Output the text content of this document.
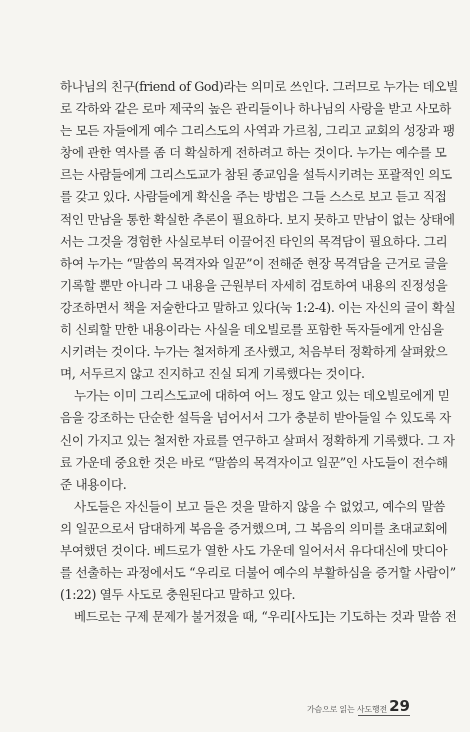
하나님의 친구(friend of God)라는 의미로 쓰인다. 그러므로 누가는 데오빌
로 각하와 같은 로마 제국의 높은 관리들이나 하나님의 사랑을 받고 사모하
는 모든 자들에게 예수 그리스도의 사역과 가르침, 그리고 교회의 성장과 팽
창에 관한 역사를 좀 더 확실하게 전하려고 하는 것이다. 누가는 예수를 모
르는 사람들에게 그리스도교가 참된 종교임을 설득시키려는 포괄적인 의도
를 갖고 있다. 사람들에게 확신을 주는 방법은 그들 스스로 보고 듣고 직접
적인 만남을 통한 확실한 추론이 필요하다. 보지 못하고 만남이 없는 상태에
서는 그것을 경험한 사실로부터 이끌어진 타인의 목격담이 필요하다. 그리
하여 누가는 “말씀의 목격자와 일꾼”이 전해준 현장 목격담을 근거로 글을
기록할 뿐만 아니라 그 내용을 근원부터 자세히 검토하여 내용의 진정성을
강조하면서 책을 저술한다고 말하고 있다(눅 1:2-4). 이는 자신의 글이 확실
히 신뢰할 만한 내용이라는 사실을 데오빌로를 포함한 독자들에게 안심을
시키려는 것이다. 누가는 철저하게 조사했고, 처음부터 정확하게 살펴왔으
며, 서두르지 않고 진지하고 진실 되게 기록했다는 것이다.

누가는 이미 그리스도교에 대하여 어느 정도 알고 있는 데오빌로에게 믿
음을 강조하는 단순한 설득을 넘어서서 그가 충분히 받아들일 수 있도록 자
신이 가지고 있는 철저한 자료를 연구하고 살펴서 정확하게 기록했다. 그 자
료 가운데 중요한 것은 바로 “말씀의 목격자이고 일꾼”인 사도들이 전수해
준 내용이다.

사도들은 자신들이 보고 들은 것을 말하지 않을 수 없었고, 예수의 말씀
의 일꾼으로서 담대하게 복음을 증거했으며, 그 복음의 의미를 초대교회에
부여했던 것이다. 베드로가 열한 사도 가운데 일어서서 유다대신에 맛디아
를 선출하는 과정에서도 “우리로 더불어 예수의 부활하심을 증거할 사람이”
(1:22) 열두 사도로 충원된다고 말하고 있다.

베드로는 구제 문제가 불거졌을 때, “우리[사도]는 기도하는 것과 말씀 전

가슴으로 읽는 사도행전 29
